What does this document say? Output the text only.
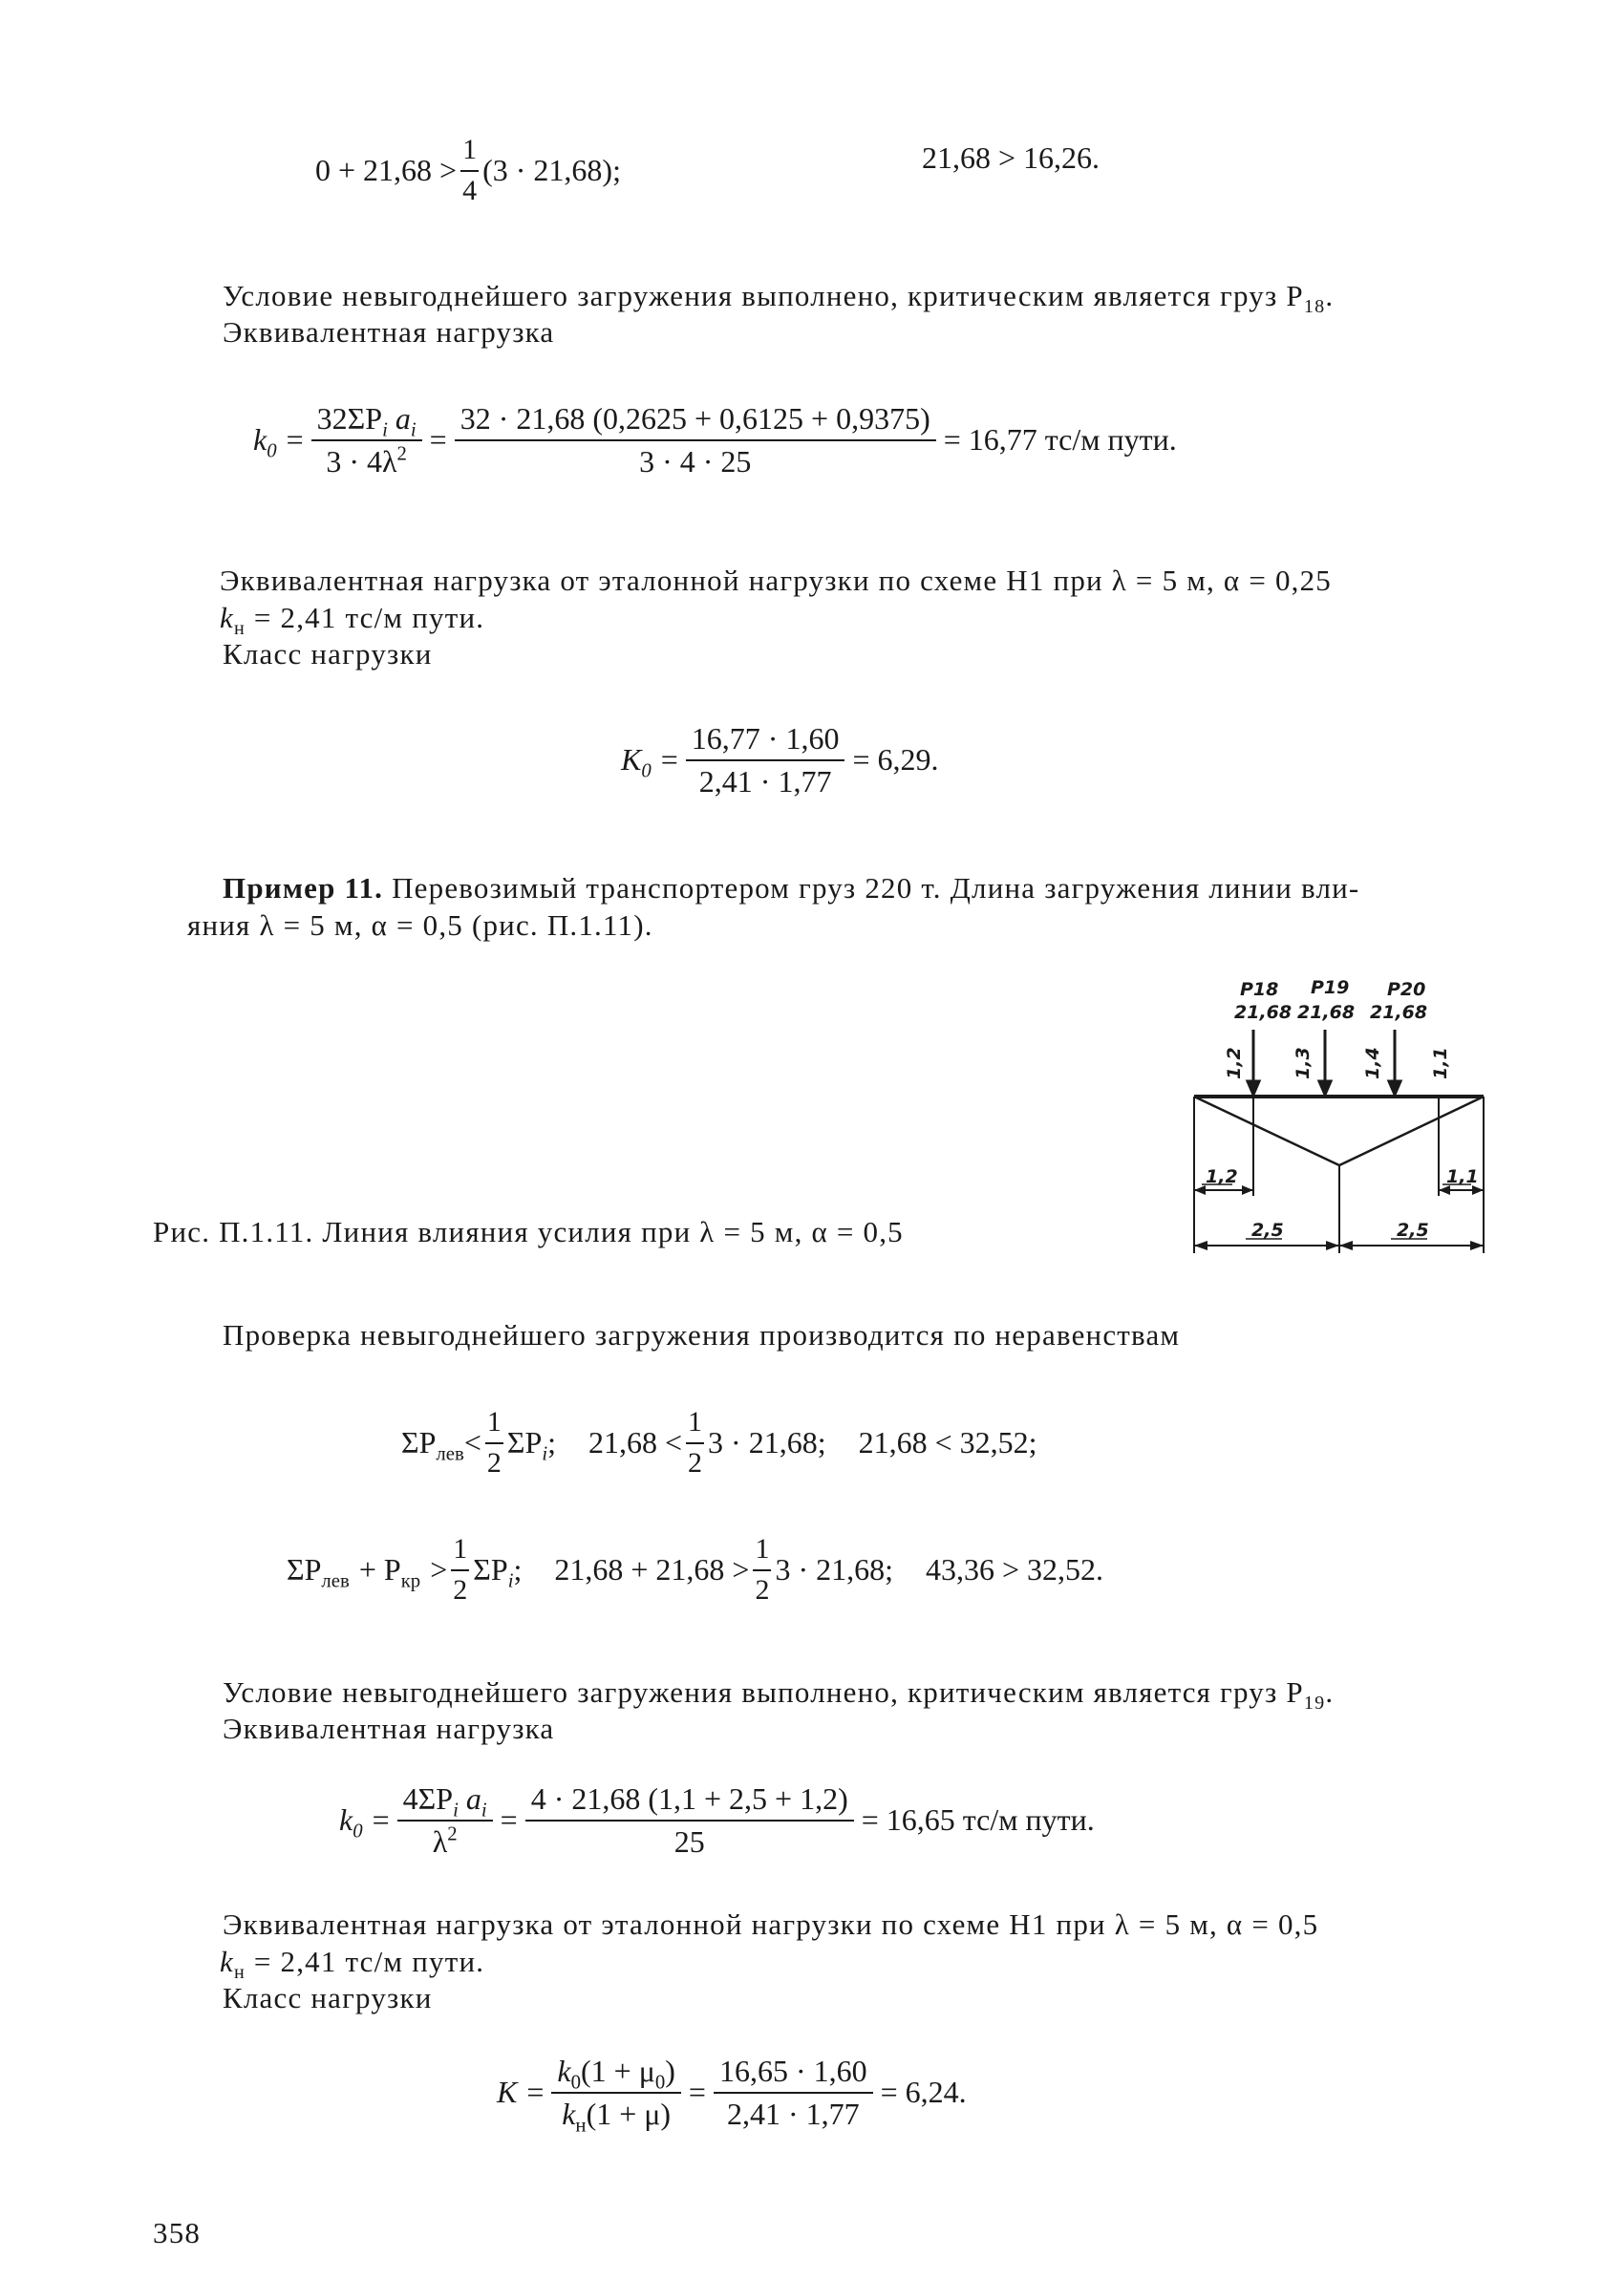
$0 + 21,68 > \frac{1}{4} (3 \cdot 21,68)$;	21,68 > 16,26.
Условие невыгоднейшего загружения выполнено, критическим является груз $P_{18}$.
Эквивалентная нагрузка
$k_0 = \frac{32\Sigma P_i a_i}{3 \cdot 4\lambda^2} = \frac{32 \cdot 21,68 (0,2625 + 0,6125 + 0,9375)}{3 \cdot 4 \cdot 25} = 16,77$ тс/м пути.
Эквивалентная нагрузка от эталонной нагрузки по схеме Н1 при λ = 5 м, α = 0,25
$k_н = 2,41$ тс/м пути.
Класс нагрузки
$K_0 = \frac{16,77 \cdot 1,60}{2,41 \cdot 1,77} = 6,29$.
Пример 11. Перевозимый транспортером груз 220 т. Длина загружения линии вли-
яния λ = 5 м, α = 0,5 (рис. П.1.11).
P18
21,68
P19
21,68
P20
21,68
1,2	1,3	1,4	1,1
1,2	1,1
2,5	2,5
Рис. П.1.11. Линия влияния усилия при λ = 5 м, α = 0,5
Проверка невыгоднейшего загружения производится по неравенствам
$\Sigma P_{лев} < \frac{1}{2} \Sigma P_i$; $21,68 < \frac{1}{2} 3 \cdot 21,68$; 21,68 < 32,52;
$\Sigma P_{лев} + P_{кр} > \frac{1}{2} \Sigma P_i$; $21,68 + 21,68 > \frac{1}{2} 3 \cdot 21,68$; 43,36 > 32,52.
Условие невыгоднейшего загружения выполнено, критическим является груз $P_{19}$.
Эквивалентная нагрузка
$k_0 = \frac{4\Sigma P_i a_i}{\lambda^2} = \frac{4 \cdot 21,68 (1,1 + 2,5 + 1,2)}{25} = 16,65$ тс/м пути.
Эквивалентная нагрузка от эталонной нагрузки по схеме Н1 при λ = 5 м, α = 0,5
$k_н = 2,41$ тс/м пути.
Класс нагрузки
$K = \frac{k_0(1 + \mu_0)}{k_н(1 + \mu)} = \frac{16,65 \cdot 1,60}{2,41 \cdot 1,77} = 6,24$.
358
